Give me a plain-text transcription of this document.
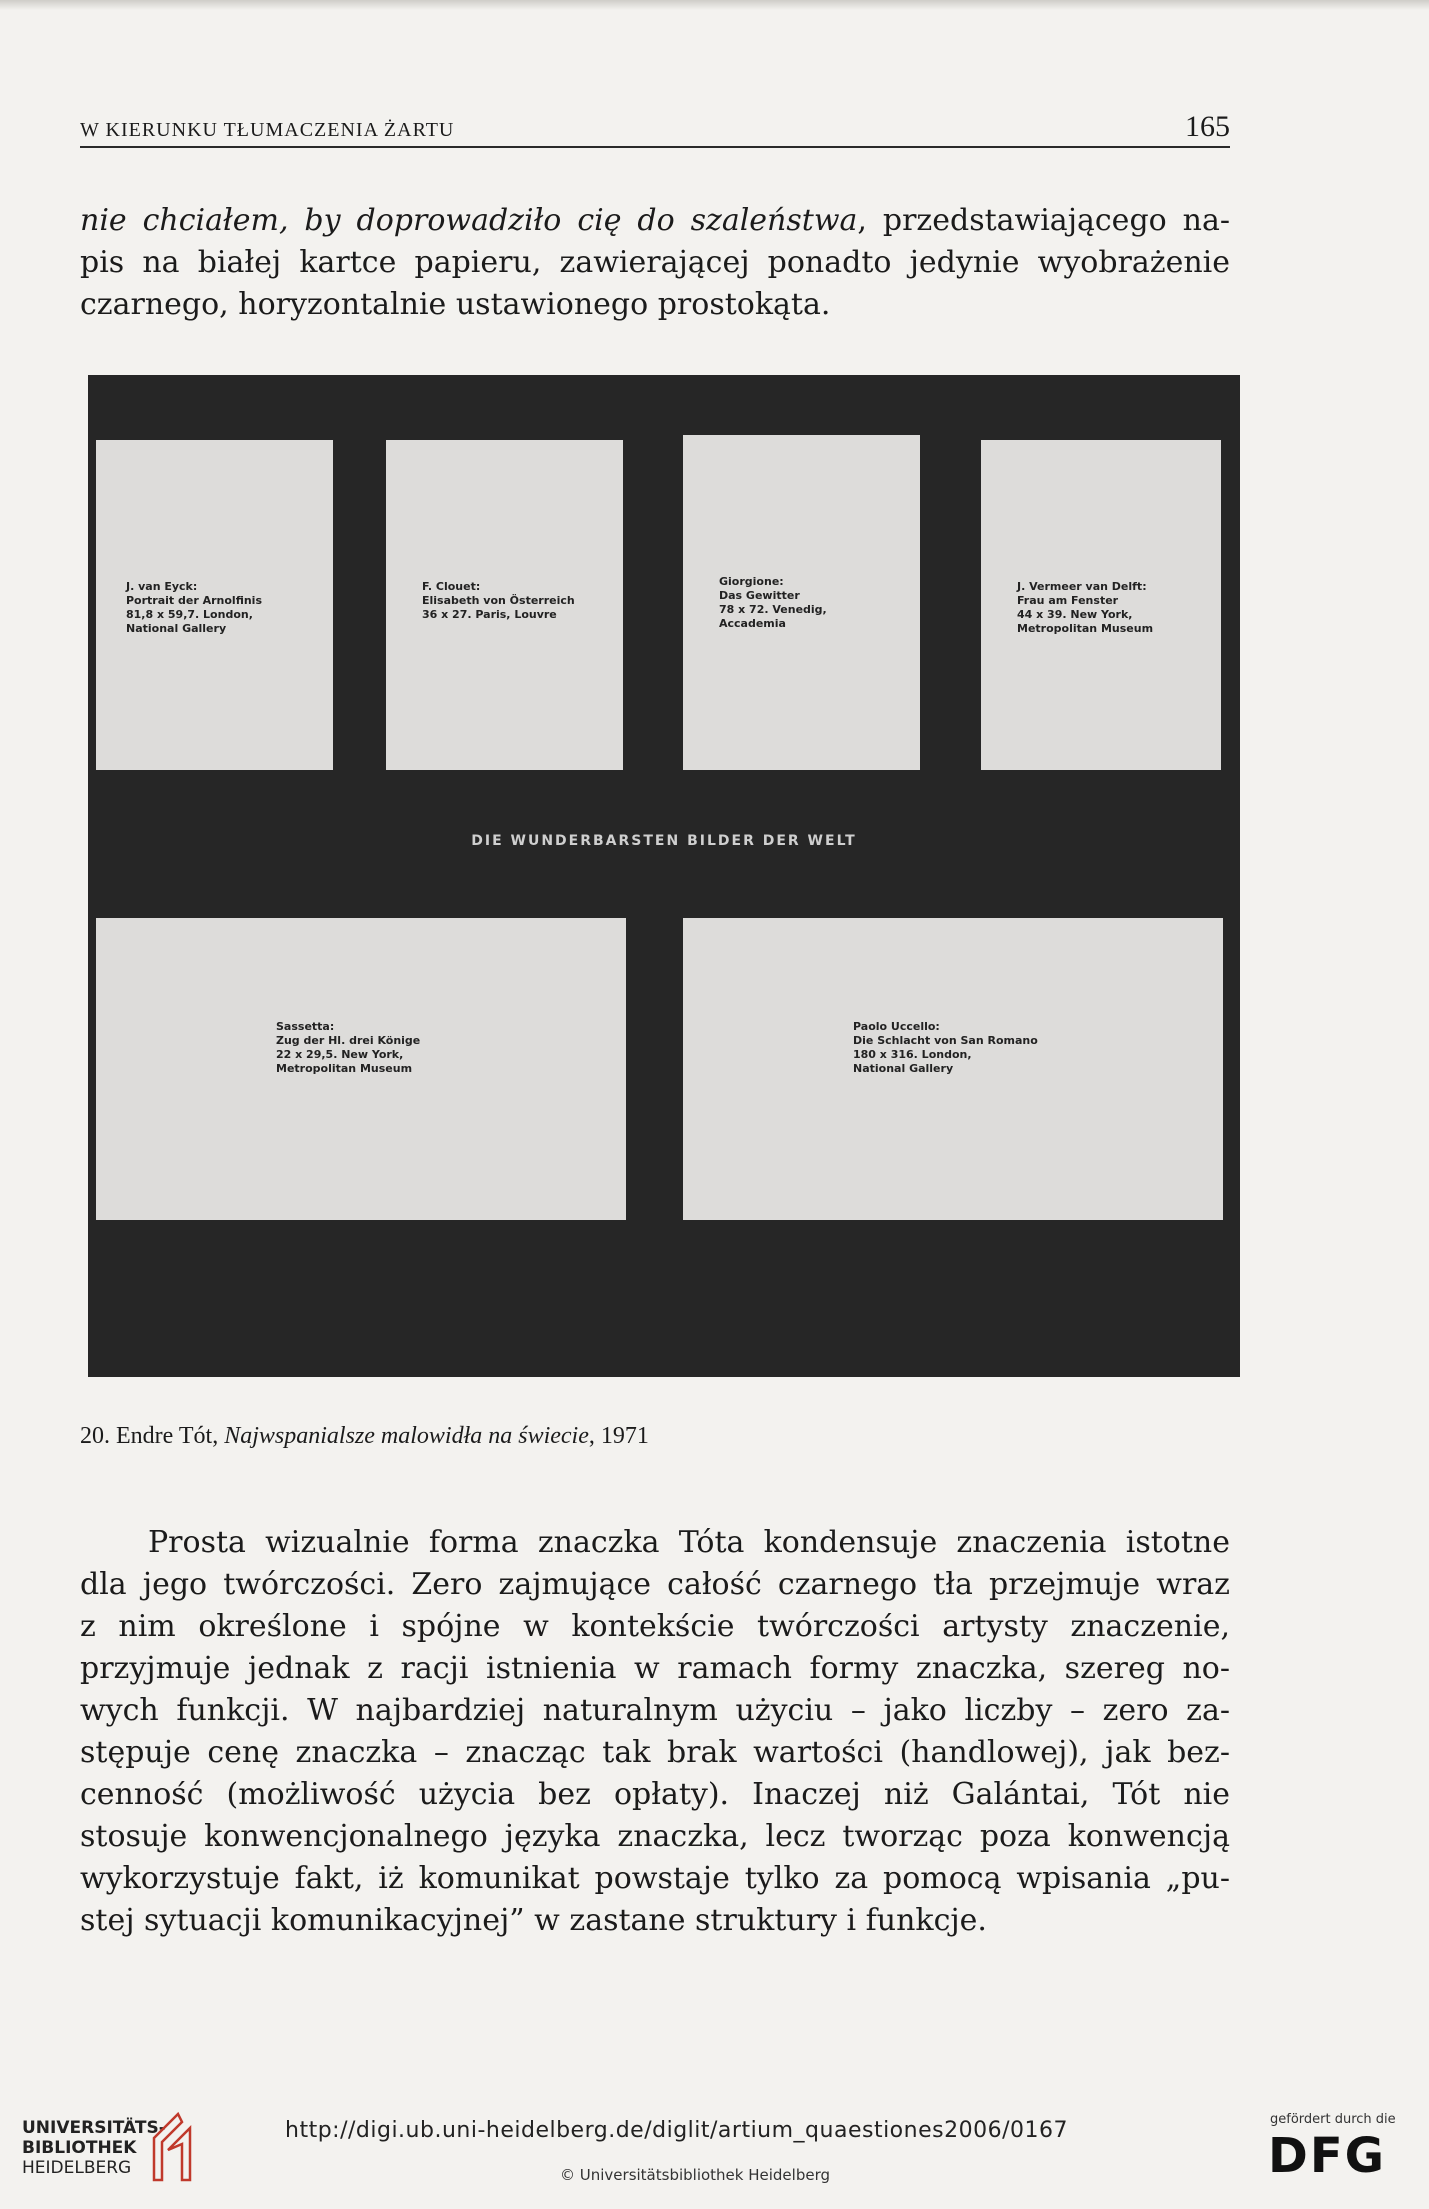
W KIERUNKU TŁUMACZENIA ŻARTU	165
nie chciałem, by doprowadziło cię do szaleństwa, przedstawiającego na-
pis na białej kartce papieru, zawierającej ponadto jedynie wyobrażenie
czarnego, horyzontalnie ustawionego prostokąta.
J. van Eyck:
Portrait der Arnolfinis
81,8 x 59,7. London,
National Gallery
F. Clouet:
Elisabeth von Österreich
36 x 27. Paris, Louvre
Giorgione:
Das Gewitter
78 x 72. Venedig,
Accademia
J. Vermeer van Delft:
Frau am Fenster
44 x 39. New York,
Metropolitan Museum
DIE WUNDERBARSTEN BILDER DER WELT
Sassetta:
Zug der Hl. drei Könige
22 x 29,5. New York,
Metropolitan Museum
Paolo Uccello:
Die Schlacht von San Romano
180 x 316. London,
National Gallery
20. Endre Tót, Najwspanialsze malowidła na świecie, 1971
Prosta wizualnie forma znaczka Tóta kondensuje znaczenia istotne
dla jego twórczości. Zero zajmujące całość czarnego tła przejmuje wraz
z nim określone i spójne w kontekście twórczości artysty znaczenie,
przyjmuje jednak z racji istnienia w ramach formy znaczka, szereg no-
wych funkcji. W najbardziej naturalnym użyciu – jako liczby – zero za-
stępuje cenę znaczka – znacząc tak brak wartości (handlowej), jak bez-
cenność (możliwość użycia bez opłaty). Inaczej niż Galántai, Tót nie
stosuje konwencjonalnego języka znaczka, lecz tworząc poza konwencją
wykorzystuje fakt, iż komunikat powstaje tylko za pomocą wpisania „pu-
stej sytuacji komunikacyjnej” w zastane struktury i funkcje.
UNIVERSITÄTS-
BIBLIOTHEK
HEIDELBERG
http://digi.ub.uni-heidelberg.de/diglit/artium_quaestiones2006/0167
© Universitätsbibliothek Heidelberg
gefördert durch die
DFG
